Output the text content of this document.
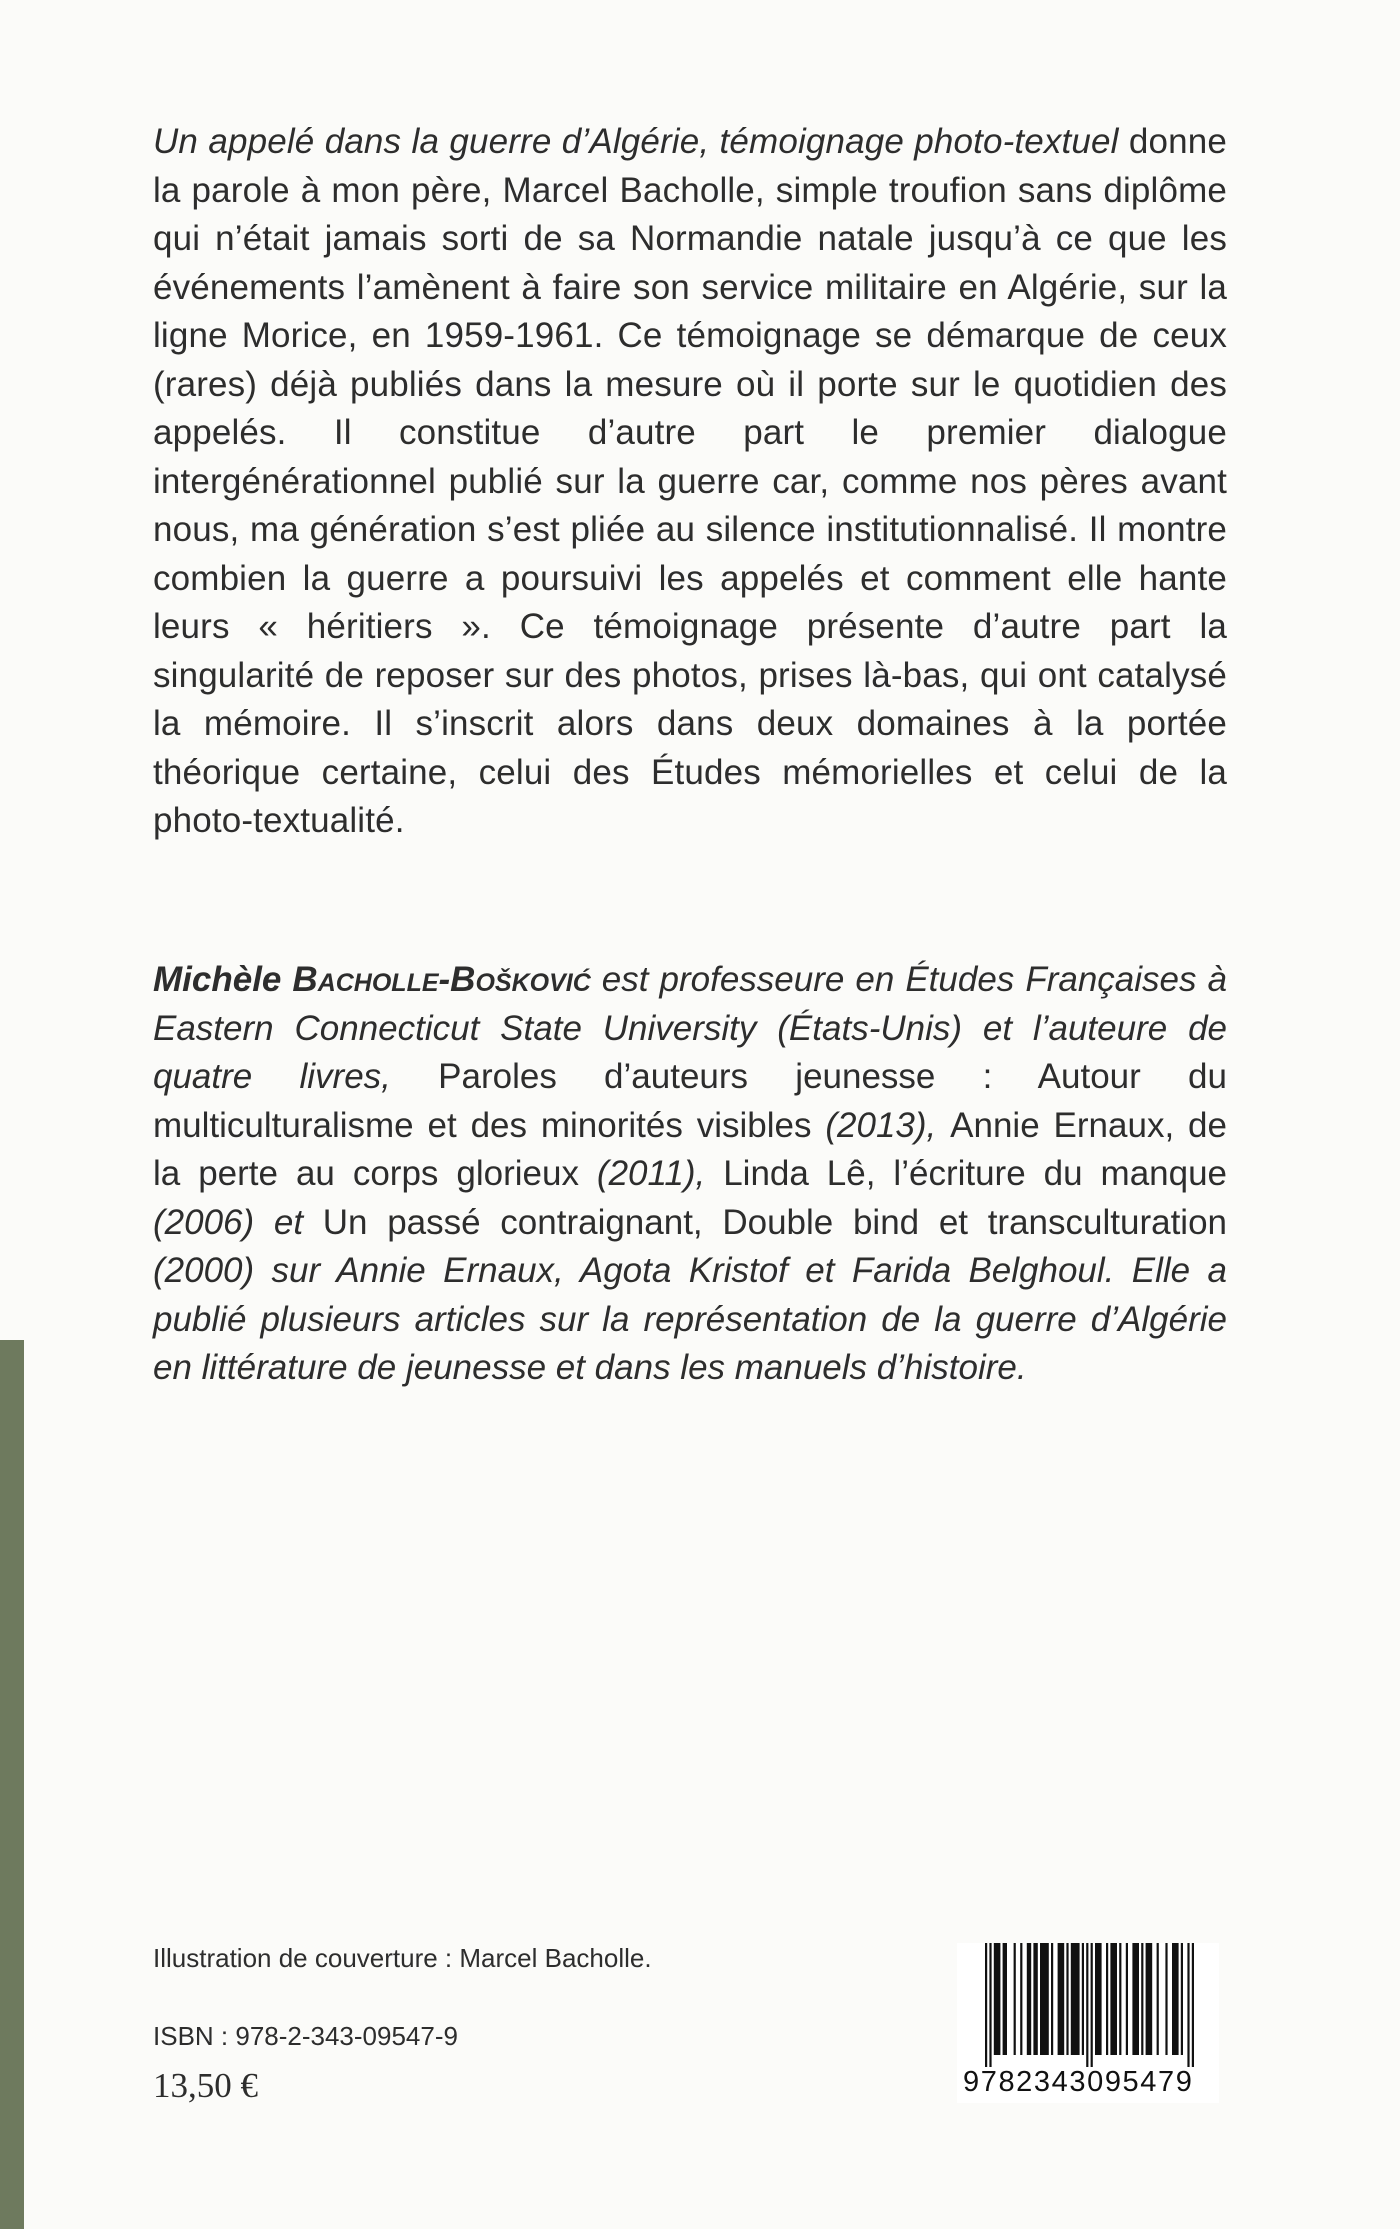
Un appelé dans la guerre d’Algérie, témoignage photo-textuel donne la parole à mon père, Marcel Bacholle, simple troufion sans diplôme qui n’était jamais sorti de sa Normandie natale jusqu’à ce que les événements l’amènent à faire son service militaire en Algérie, sur la ligne Morice, en 1959-1961. Ce témoignage se démarque de ceux (rares) déjà publiés dans la mesure où il porte sur le quotidien des appelés. Il constitue d’autre part le premier dialogue intergénérationnel publié sur la guerre car, comme nos pères avant nous, ma génération s’est pliée au silence institutionnalisé. Il montre combien la guerre a poursuivi les appelés et comment elle hante leurs « héritiers ». Ce témoignage présente d’autre part la singularité de reposer sur des photos, prises là-bas, qui ont catalysé la mémoire. Il s’inscrit alors dans deux domaines à la portée théorique certaine, celui des Études mémorielles et celui de la photo-textualité.

Michèle Bacholle-Bošković est professeure en Études Françaises à Eastern Connecticut State University (États-Unis) et l’auteure de quatre livres, Paroles d’auteurs jeunesse : Autour du multiculturalisme et des minorités visibles (2013), Annie Ernaux, de la perte au corps glorieux (2011), Linda Lê, l’écriture du manque (2006) et Un passé contraignant, Double bind et transculturation (2000) sur Annie Ernaux, Agota Kristof et Farida Belghoul. Elle a publié plusieurs articles sur la représentation de la guerre d’Algérie en littérature de jeunesse et dans les manuels d’histoire.

Illustration de couverture : Marcel Bacholle.

ISBN : 978-2-343-09547-9

13,50 €	9782343095479
